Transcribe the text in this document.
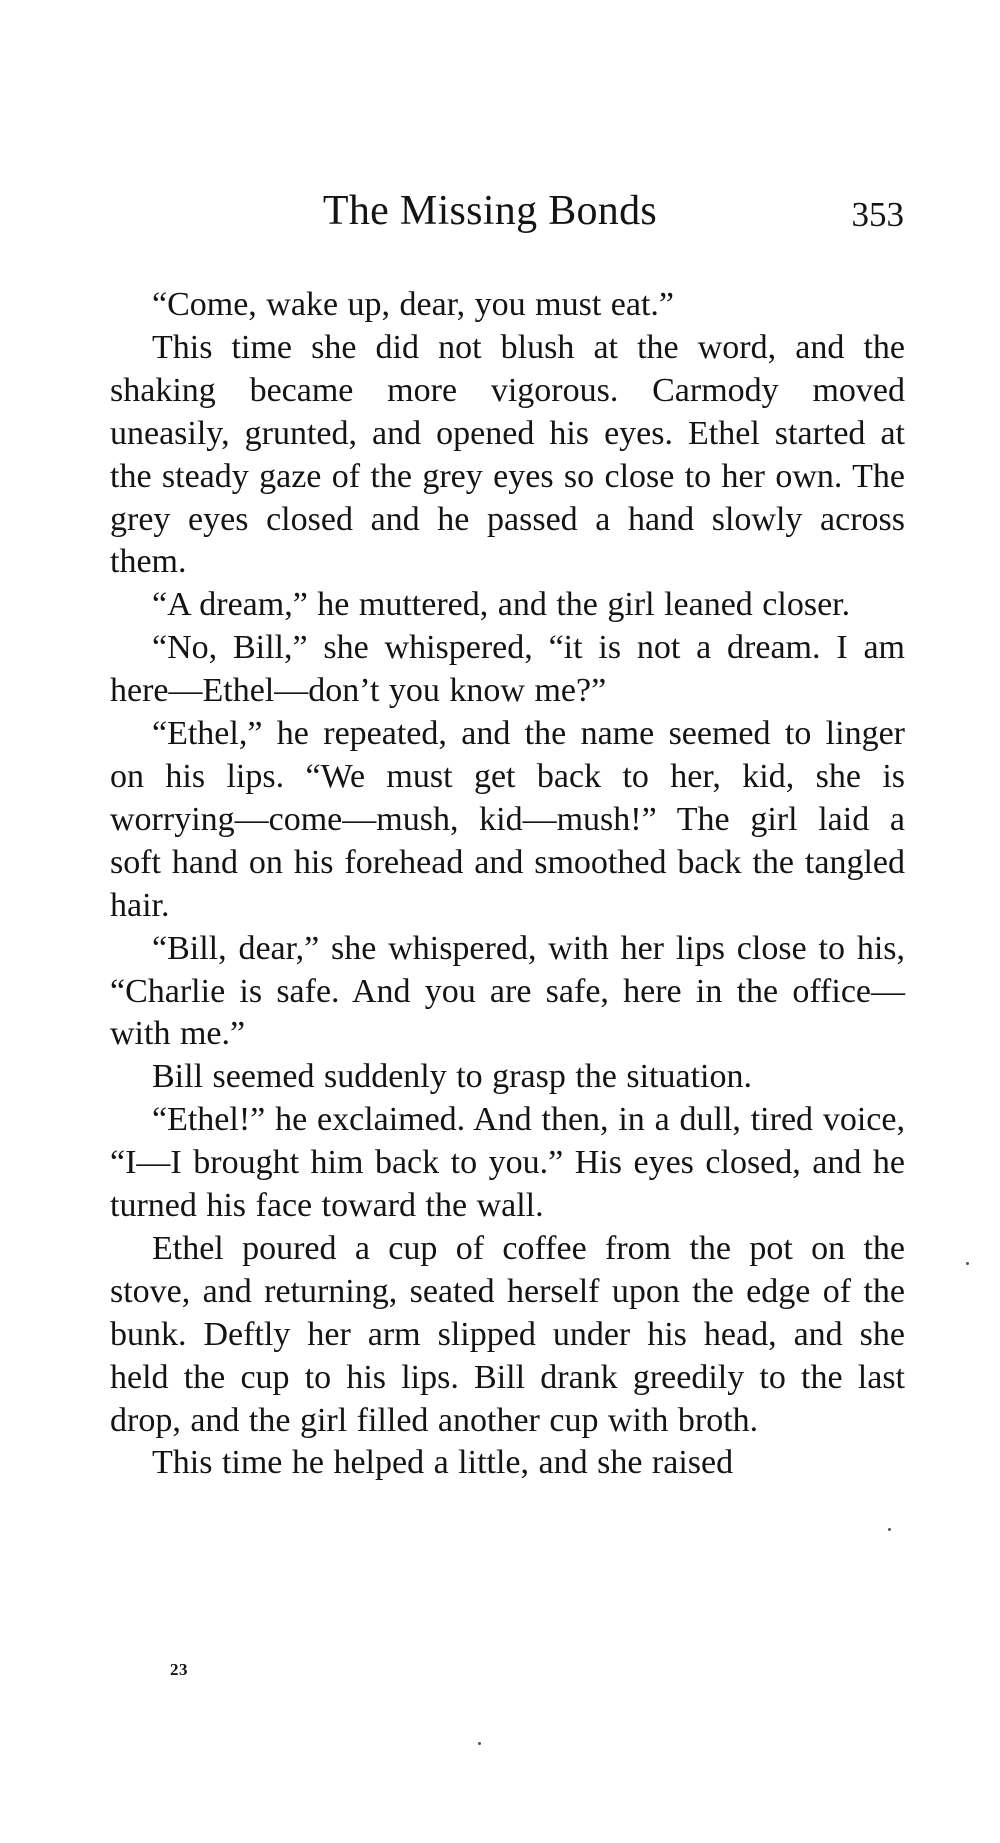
The Missing Bonds	353

“Come, wake up, dear, you must eat.”

This time she did not blush at the word, and the shaking became more vigorous. Carmody moved uneasily, grunted, and opened his eyes. Ethel started at the steady gaze of the grey eyes so close to her own. The grey eyes closed and he passed a hand slowly across them.

“A dream,” he muttered, and the girl leaned closer.

“No, Bill,” she whispered, “it is not a dream. I am here—Ethel—don’t you know me?”

“Ethel,” he repeated, and the name seemed to linger on his lips. “We must get back to her, kid, she is worrying—come—mush, kid—mush!” The girl laid a soft hand on his forehead and smoothed back the tangled hair.

“Bill, dear,” she whispered, with her lips close to his, “Charlie is safe. And you are safe, here in the office—with me.”

Bill seemed suddenly to grasp the situation.

“Ethel!” he exclaimed. And then, in a dull, tired voice, “I—I brought him back to you.” His eyes closed, and he turned his face toward the wall.

Ethel poured a cup of coffee from the pot on the stove, and returning, seated herself upon the edge of the bunk. Deftly her arm slipped under his head, and she held the cup to his lips. Bill drank greedily to the last drop, and the girl filled another cup with broth.

This time he helped a little, and she raised

23
